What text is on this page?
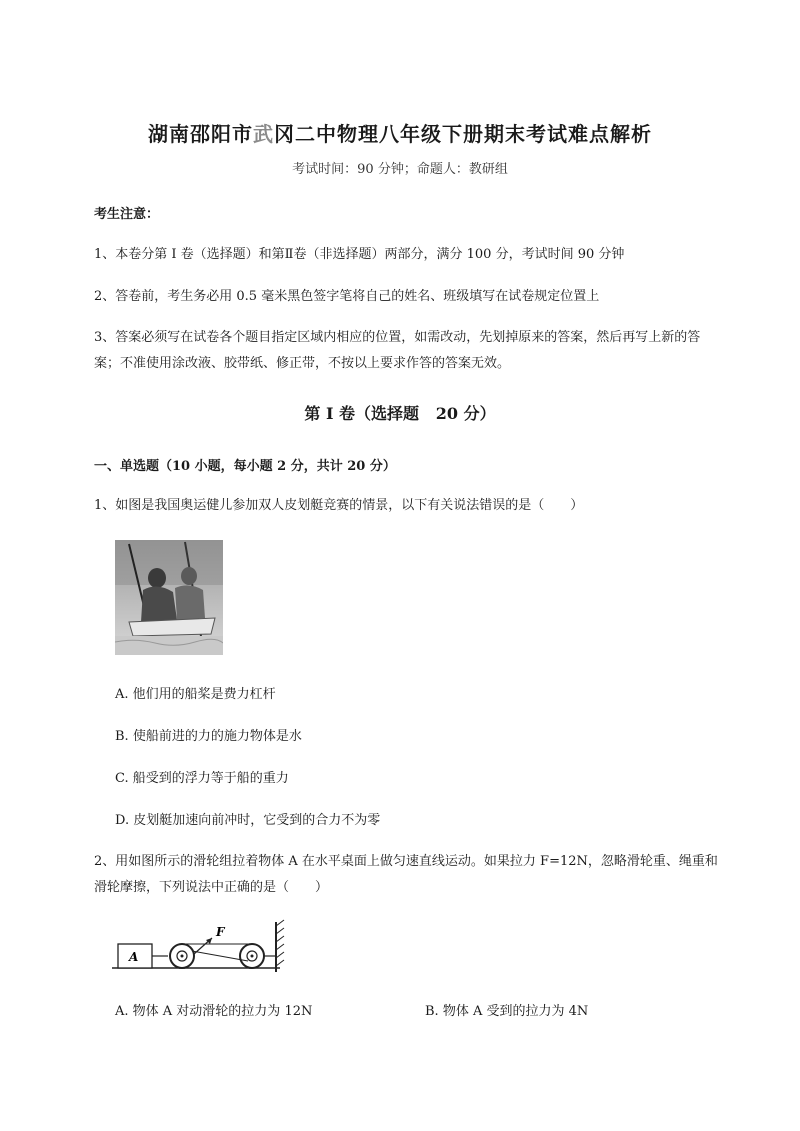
湖南邵阳市武冈二中物理八年级下册期末考试难点解析
考试时间：90 分钟；命题人：教研组
考生注意：
1、本卷分第 I 卷（选择题）和第Ⅱ卷（非选择题）两部分，满分 100 分，考试时间 90 分钟
2、答卷前，考生务必用 0.5 毫米黑色签字笔将自己的姓名、班级填写在试卷规定位置上
3、答案必须写在试卷各个题目指定区域内相应的位置，如需改动，先划掉原来的答案，然后再写上新的答案；不准使用涂改液、胶带纸、修正带，不按以上要求作答的答案无效。
第 I 卷（选择题   20 分）
一、单选题（10 小题，每小题 2 分，共计 20 分）
1、如图是我国奥运健儿参加双人皮划艇竞赛的情景，以下有关说法错误的是（　　）
A. 他们用的船桨是费力杠杆
B. 使船前进的力的施力物体是水
C. 船受到的浮力等于船的重力
D. 皮划艇加速向前冲时，它受到的合力不为零
2、用如图所示的滑轮组拉着物体 A 在水平桌面上做匀速直线运动。如果拉力 F=12N，忽略滑轮重、绳重和滑轮摩擦，下列说法中正确的是（　　）
A
F
A. 物体 A 对动滑轮的拉力为 12N	B. 物体 A 受到的拉力为 4N
